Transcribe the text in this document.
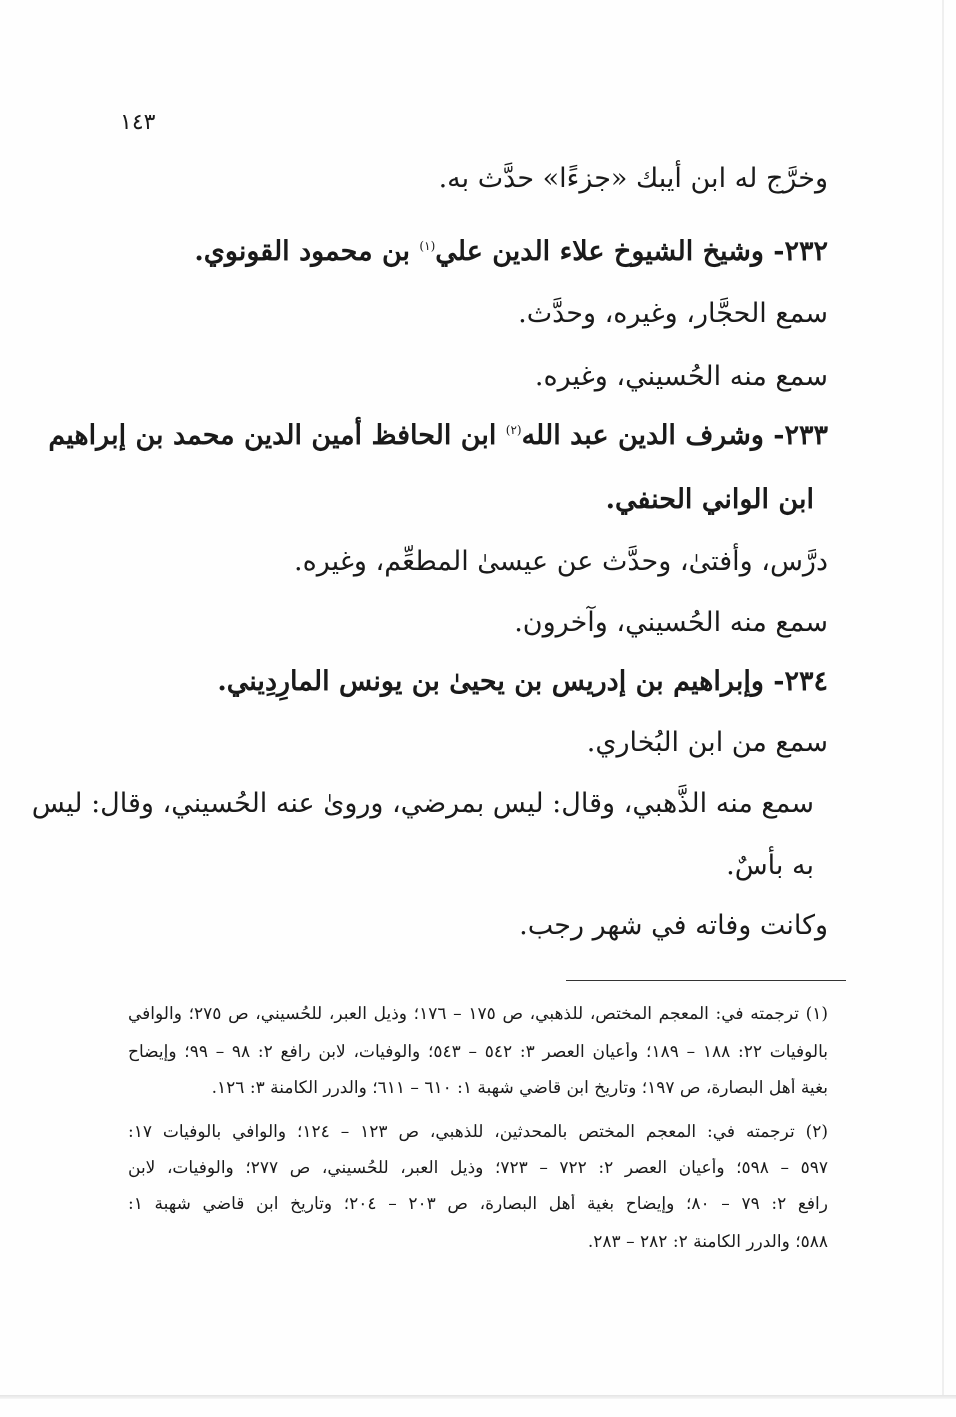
١٤٣
وخرَّج له ابن أيبك «جزءًا» حدَّث به.
٢٣٢- وشيخ الشيوخ علاء الدين علي$^{(١)}$ بن محمود القونوي.
سمع الحجَّار، وغيره، وحدَّث.
سمع منه الحُسيني، وغيره.
٢٣٣- وشرف الدين عبد الله$^{(٢)}$ ابن الحافظ أمين الدين محمد بن إبراهيم
ابن الواني الحنفي.
درَّس، وأفتىٰ، وحدَّث عن عيسىٰ المطعِّم، وغيره.
سمع منه الحُسيني، وآخرون.
٢٣٤- وإبراهيم بن إدريس بن يحيىٰ بن يونس المارِدِيني.
سمع من ابن البُخاري.
سمع منه الذَّهبي، وقال: ليس بمرضي، وروىٰ عنه الحُسيني، وقال: ليس
به بأسٌ.
وكانت وفاته في شهر رجب.
(١) ترجمته في: المعجم المختص، للذهبي، ص ١٧٥ – ١٧٦؛ وذيل العبر، للحُسيني، ص ٢٧٥؛ والوافي
بالوفيات ٢٢: ١٨٨ – ١٨٩؛ وأعيان العصر ٣: ٥٤٢ – ٥٤٣؛ والوفيات، لابن رافع ٢: ٩٨ – ٩٩؛ وإيضاح
بغية أهل البصارة، ص ١٩٧؛ وتاريخ ابن قاضي شهبة ١: ٦١٠ – ٦١١؛ والدرر الكامنة ٣: ١٢٦.
(٢) ترجمته في: المعجم المختص بالمحدثين، للذهبي، ص ١٢٣ – ١٢٤؛ والوافي بالوفيات ١٧:
٥٩٧ – ٥٩٨؛ وأعيان العصر ٢: ٧٢٢ – ٧٢٣؛ وذيل العبر، للحُسيني، ص ٢٧٧؛ والوفيات، لابن
رافع ٢: ٧٩ – ٨٠؛ وإيضاح بغية أهل البصارة، ص ٢٠٣ – ٢٠٤؛ وتاريخ ابن قاضي شهبة ١:
٥٨٨؛ والدرر الكامنة ٢: ٢٨٢ – ٢٨٣.
